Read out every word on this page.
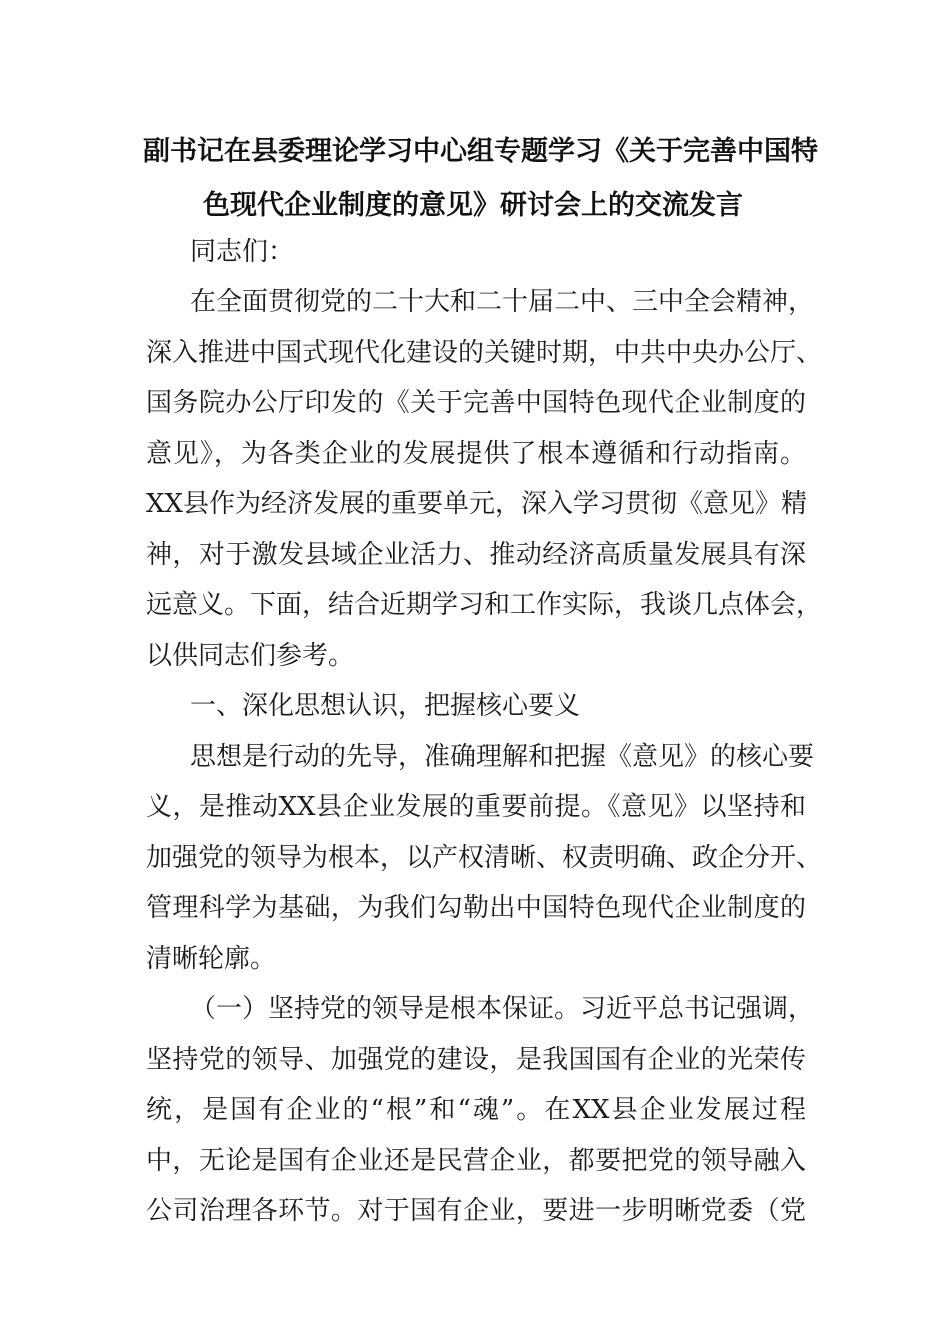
副书记在县委理论学习中心组专题学习《关于完善中国特
色现代企业制度的意见》研讨会上的交流发言
同志们：
在全面贯彻党的二十大和二十届二中、三中全会精神，
深入推进中国式现代化建设的关键时期，中共中央办公厅、
国务院办公厅印发的《关于完善中国特色现代企业制度的
意见》，为各类企业的发展提供了根本遵循和行动指南。
XX县作为经济发展的重要单元，深入学习贯彻《意见》精
神，对于激发县域企业活力、推动经济高质量发展具有深
远意义。下面，结合近期学习和工作实际，我谈几点体会，
以供同志们参考。
一、深化思想认识，把握核心要义
思想是行动的先导，准确理解和把握《意见》的核心要
义，是推动XX县企业发展的重要前提。《意见》以坚持和
加强党的领导为根本，以产权清晰、权责明确、政企分开、
管理科学为基础，为我们勾勒出中国特色现代企业制度的
清晰轮廓。
（一）坚持党的领导是根本保证。习近平总书记强调，
坚持党的领导、加强党的建设，是我国国有企业的光荣传
统，是国有企业的“根”和“魂”。在XX县企业发展过程
中，无论是国有企业还是民营企业，都要把党的领导融入
公司治理各环节。对于国有企业，要进一步明晰党委（党
